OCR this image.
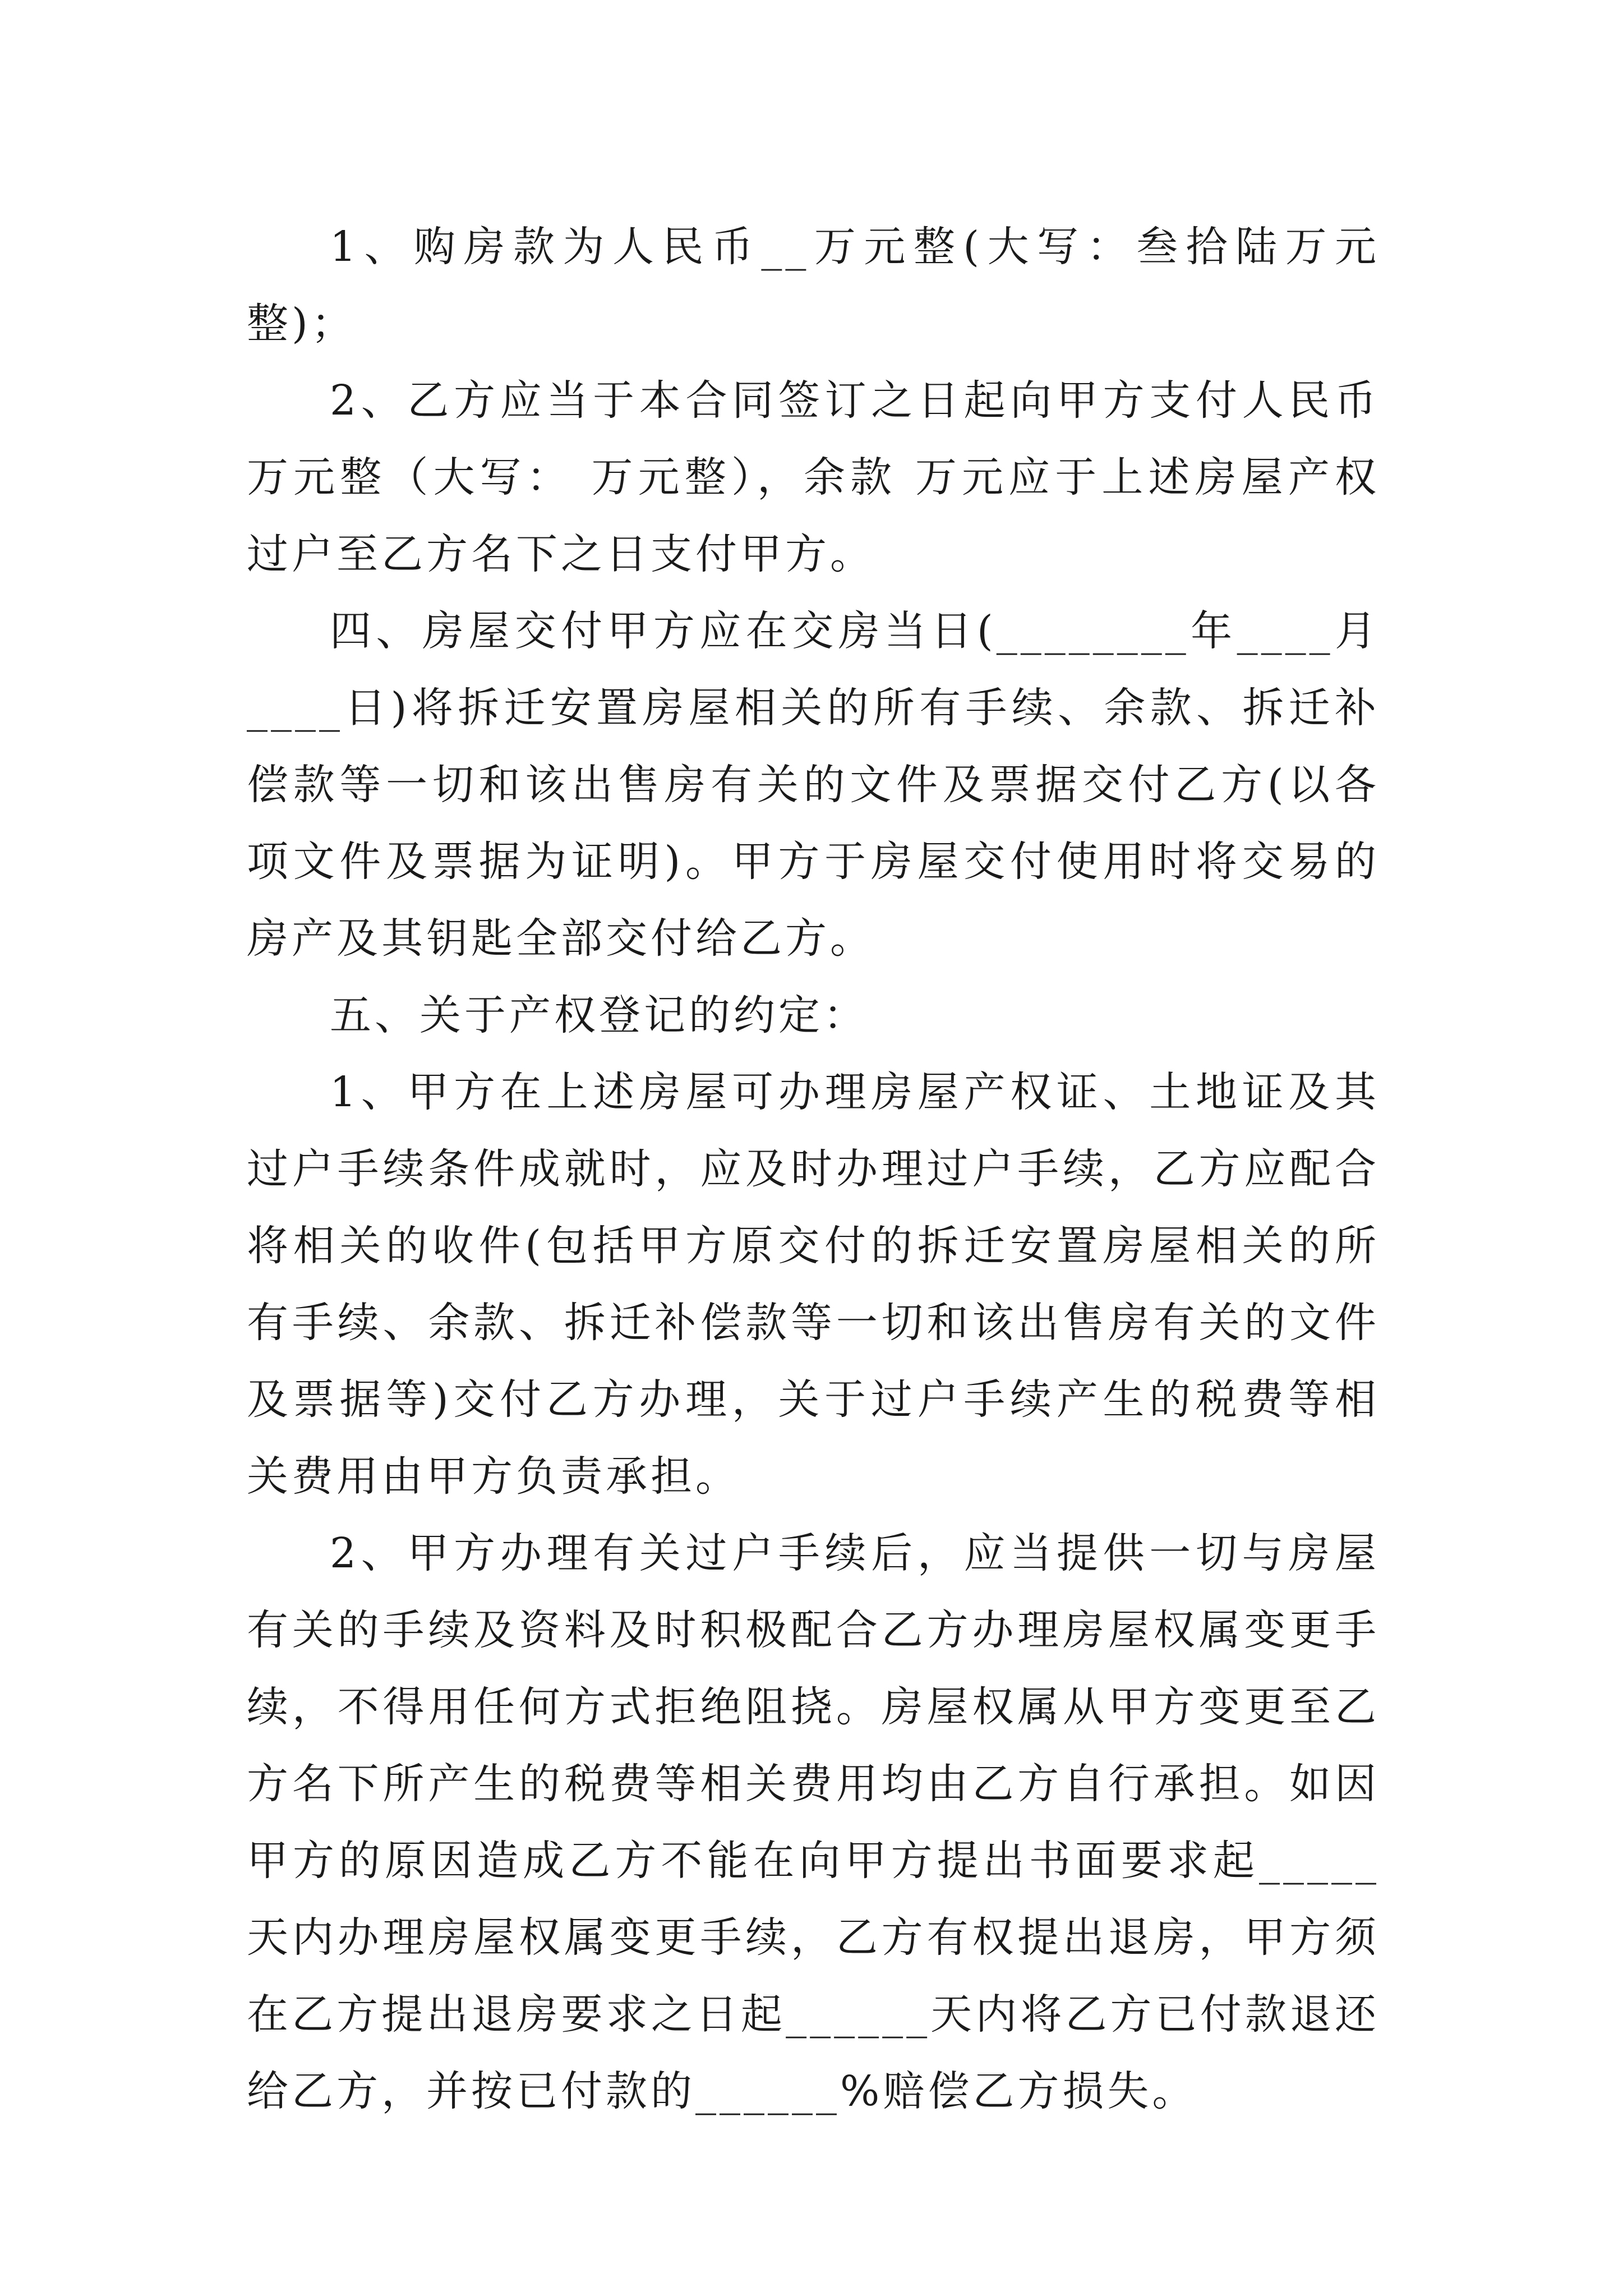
1、购房款为人民币__万元整(大写：叁拾陆万元整)；

2、乙方应当于本合同签订之日起向甲方支付人民币 万元整（大写： 万元整），余款 万元应于上述房屋产权过户至乙方名下之日支付甲方。

四、房屋交付甲方应在交房当日(________年____月____日)将拆迁安置房屋相关的所有手续、余款、拆迁补偿款等一切和该出售房有关的文件及票据交付乙方(以各项文件及票据为证明)。甲方于房屋交付使用时将交易的房产及其钥匙全部交付给乙方。

五、关于产权登记的约定：

1、甲方在上述房屋可办理房屋产权证、土地证及其过户手续条件成就时，应及时办理过户手续，乙方应配合将相关的收件(包括甲方原交付的拆迁安置房屋相关的所有手续、余款、拆迁补偿款等一切和该出售房有关的文件及票据等)交付乙方办理，关于过户手续产生的税费等相关费用由甲方负责承担。

2、甲方办理有关过户手续后，应当提供一切与房屋有关的手续及资料及时积极配合乙方办理房屋权属变更手续，不得用任何方式拒绝阻挠。房屋权属从甲方变更至乙方名下所产生的税费等相关费用均由乙方自行承担。如因甲方的原因造成乙方不能在向甲方提出书面要求起_____天内办理房屋权属变更手续，乙方有权提出退房，甲方须在乙方提出退房要求之日起______天内将乙方已付款退还给乙方，并按已付款的______%赔偿乙方损失。
